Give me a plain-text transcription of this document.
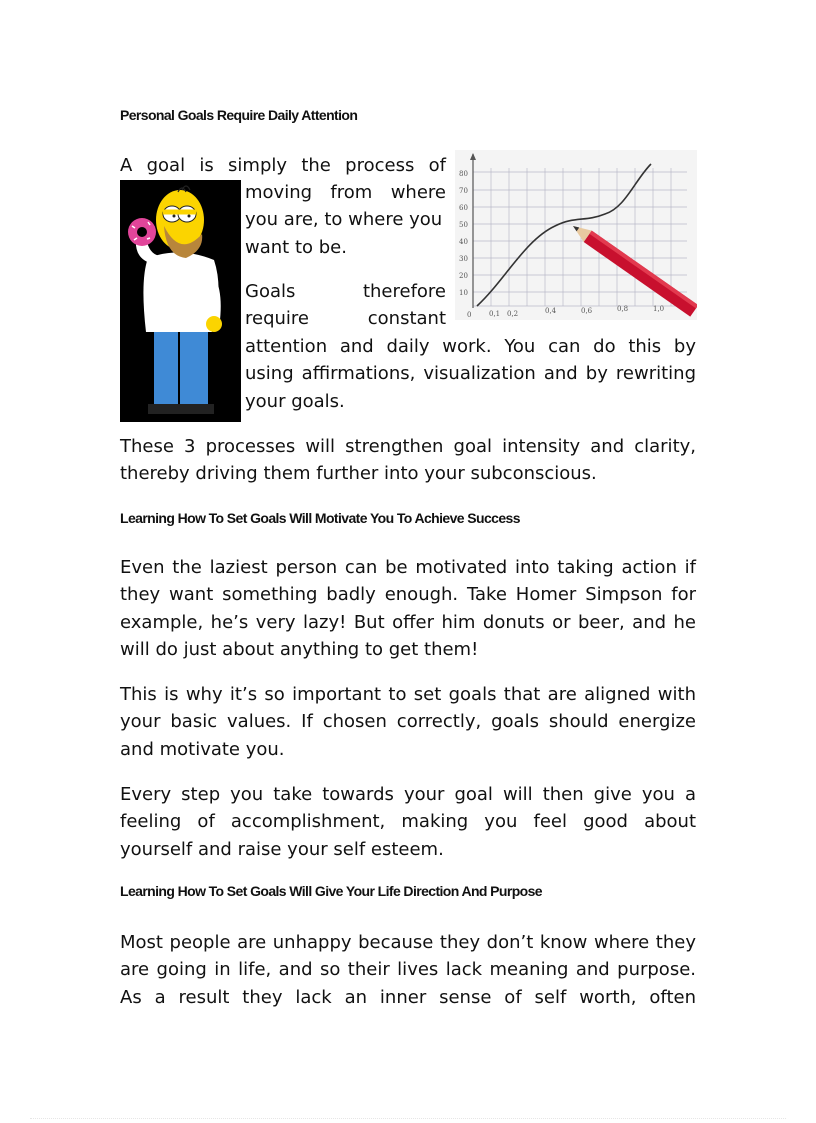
Personal Goals Require Daily Attention

A goal is simply the process of

moving from where
you are, to where you
want to be.

Goals therefore
require constant

attention and daily work. You can do this by
using affirmations, visualization and by rewriting
your goals.

10
20
30
40
50
60
70
80
0	0,1 0,2	0,4	0,6	0,8	1,0

These 3 processes will strengthen goal intensity and clarity, thereby driving them further into your subconscious.

Learning How To Set Goals Will Motivate You To Achieve Success

Even the laziest person can be motivated into taking action if they want something badly enough. Take Homer Simpson for example, he’s very lazy! But offer him donuts or beer, and he will do just about anything to get them!

This is why it’s so important to set goals that are aligned with your basic values. If chosen correctly, goals should energize and motivate you.

Every step you take towards your goal will then give you a feeling of accomplishment, making you feel good about yourself and raise your self esteem.

Learning How To Set Goals Will Give Your Life Direction And Purpose

Most people are unhappy because they don’t know where they are going in life, and so their lives lack meaning and purpose. As a result they lack an inner sense of self worth, often
